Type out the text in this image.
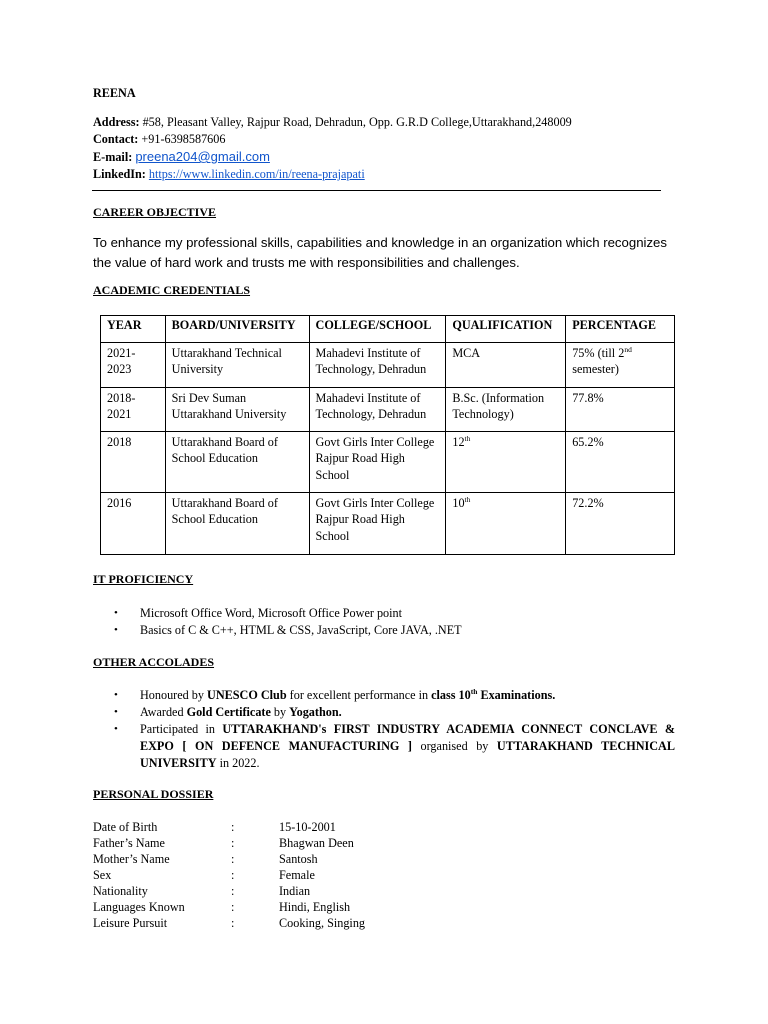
REENA
Address: #58, Pleasant Valley, Rajpur Road, Dehradun, Opp. G.R.D College,Uttarakhand,248009
Contact: +91-6398587606
E-mail: preena204@gmail.com
LinkedIn: https://www.linkedin.com/in/reena-prajapati
CAREER OBJECTIVE
To enhance my professional skills, capabilities and knowledge in an organization which recognizes
the value of hard work and trusts me with responsibilities and challenges.
ACADEMIC CREDENTIALS
YEAR	BOARD/UNIVERSITY	COLLEGE/SCHOOL	QUALIFICATION	PERCENTAGE
2021-2023	Uttarakhand Technical University	Mahadevi Institute of Technology, Dehradun	MCA	75% (till 2nd semester)
2018-2021	Sri Dev Suman Uttarakhand University	Mahadevi Institute of Technology, Dehradun	B.Sc. (Information Technology)	77.8%
2018	Uttarakhand Board of School Education	Govt Girls Inter College Rajpur Road High School	12th	65.2%
2016	Uttarakhand Board of School Education	Govt Girls Inter College Rajpur Road High School	10th	72.2%
IT PROFICIENCY
• Microsoft Office Word, Microsoft Office Power point
• Basics of C & C++, HTML & CSS, JavaScript, Core JAVA, .NET
OTHER ACCOLADES
• Honoured by UNESCO Club for excellent performance in class 10th Examinations.
• Awarded Gold Certificate by Yogathon.
• Participated in UTTARAKHAND's FIRST INDUSTRY ACADEMIA CONNECT CONCLAVE & EXPO [ ON DEFENCE MANUFACTURING ] organised by UTTARAKHAND TECHNICAL UNIVERSITY in 2022.
PERSONAL DOSSIER
Date of Birth	:	15-10-2001
Father’s Name	:	Bhagwan Deen
Mother’s Name	:	Santosh
Sex	:	Female
Nationality	:	Indian
Languages Known	:	Hindi, English
Leisure Pursuit	:	Cooking, Singing
